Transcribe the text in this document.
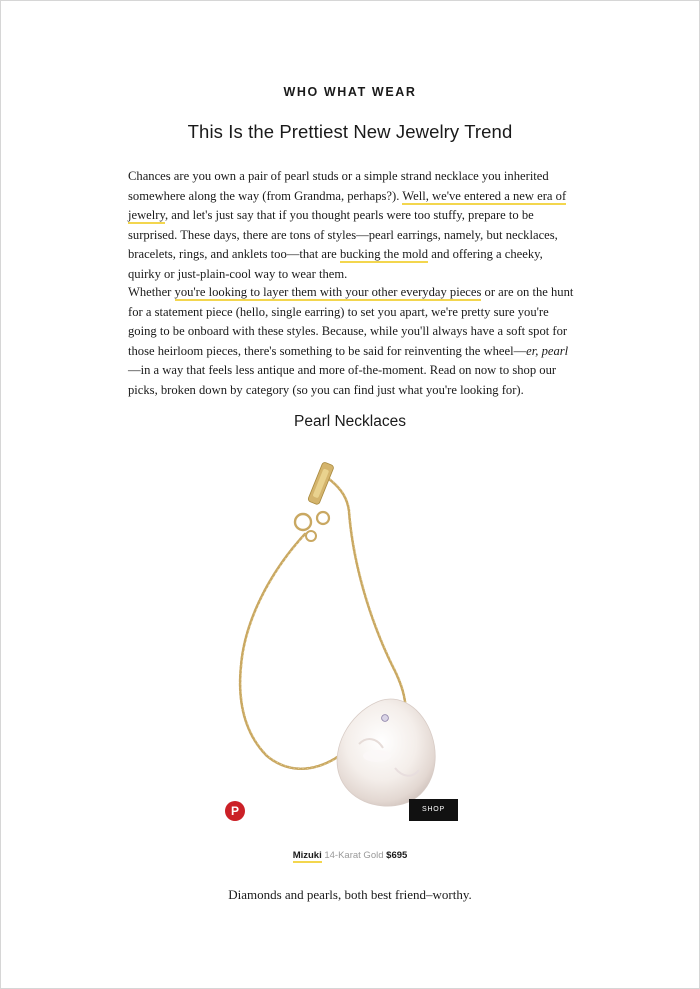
WHO WHAT WEAR
This Is the Prettiest New Jewelry Trend

Chances are you own a pair of pearl studs or a simple strand necklace you inherited somewhere along the way (from Grandma, perhaps?). Well, we've entered a new era of jewelry, and let's just say that if you thought pearls were too stuffy, prepare to be surprised. These days, there are tons of styles—pearl earrings, namely, but necklaces, bracelets, rings, and anklets too—that are bucking the mold and offering a cheeky, quirky or just-plain-cool way to wear them.

Whether you're looking to layer them with your other everyday pieces or are on the hunt for a statement piece (hello, single earring) to set you apart, we're pretty sure you're going to be onboard with these styles. Because, while you'll always have a soft spot for those heirloom pieces, there's something to be said for reinventing the wheel—er, pearl—in a way that feels less antique and more of-the-moment. Read on now to shop our picks, broken down by category (so you can find just what you're looking for).

Pearl Necklaces
P	SHOP
Mizuki 14-Karat Gold $695
Diamonds and pearls, both best friend–worthy.
